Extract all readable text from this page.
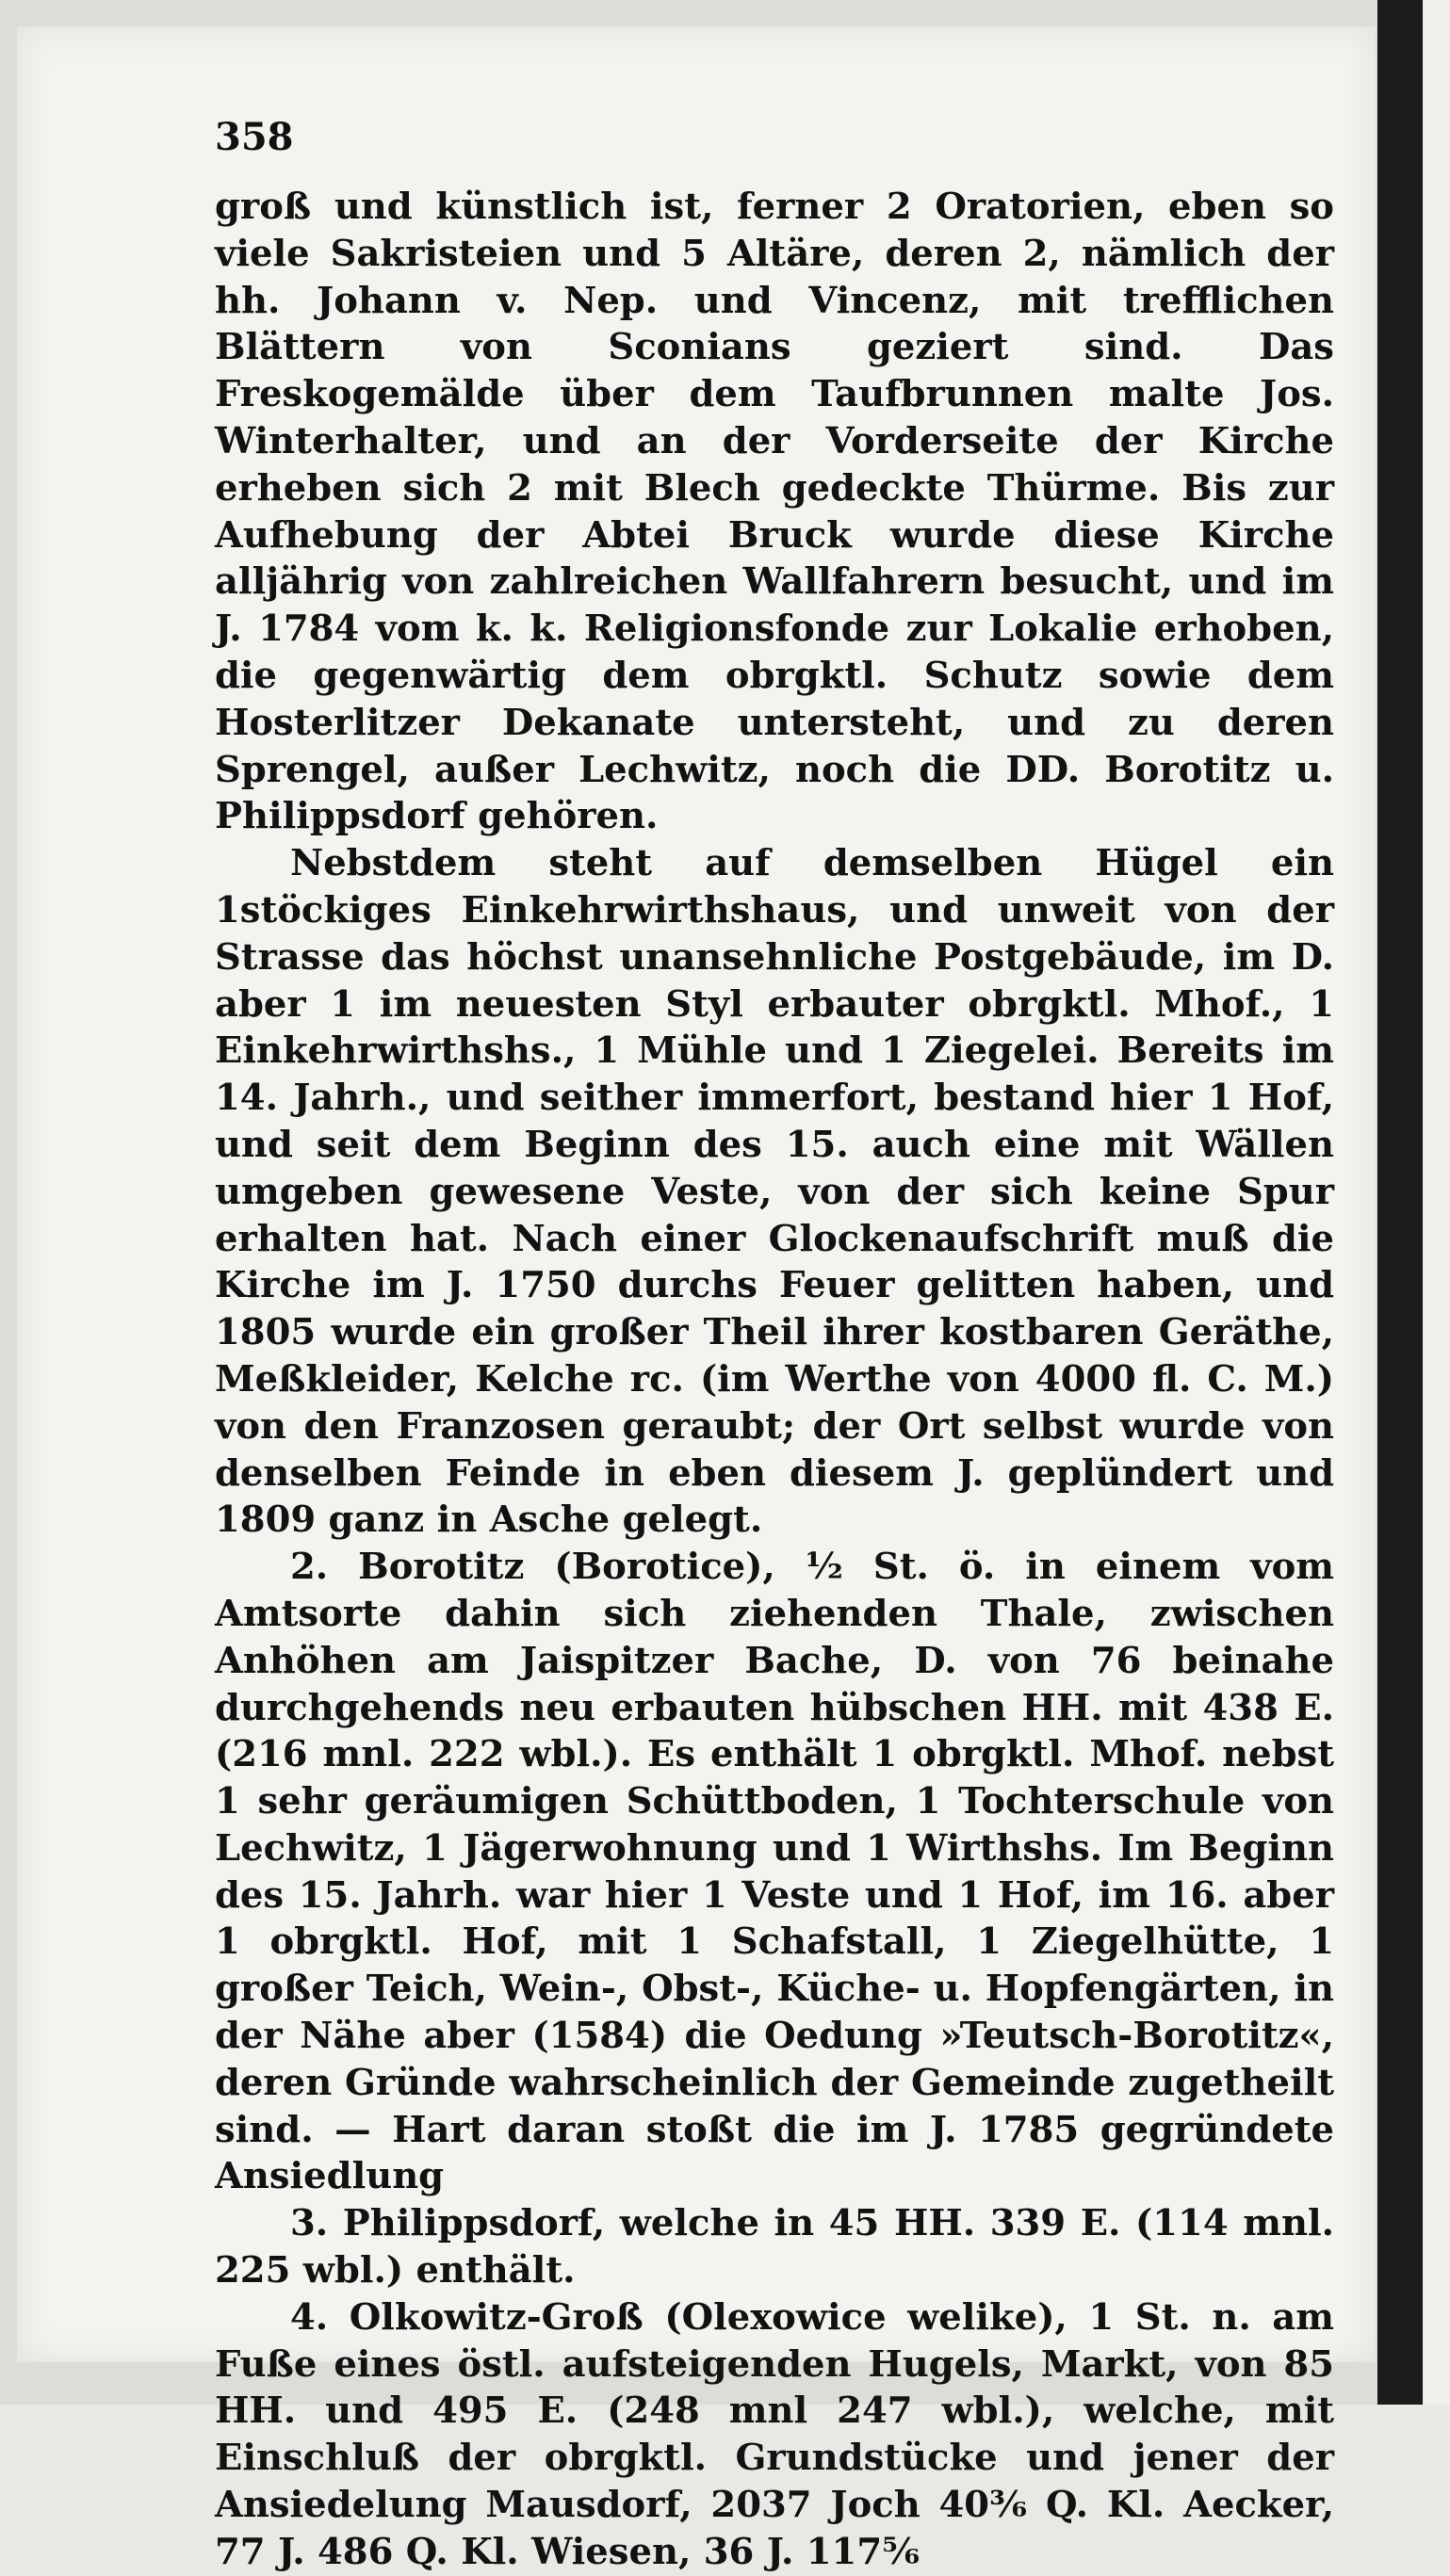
358

groß und künstlich ist, ferner 2 Oratorien, eben so viele Sakristeien und 5 Altäre, deren 2, nämlich der hh. Johann v. Nep. und Vincenz, mit trefflichen Blättern von Sconians geziert sind. Das Freskogemälde über dem Taufbrunnen malte Jos. Winterhalter, und an der Vorderseite der Kirche erheben sich 2 mit Blech gedeckte Thürme. Bis zur Aufhebung der Abtei Bruck wurde diese Kirche alljährig von zahlreichen Wallfahrern besucht, und im J. 1784 vom k. k. Religionsfonde zur Lokalie erhoben, die gegenwärtig dem obrgktl. Schutz sowie dem Hosterlitzer Dekanate untersteht, und zu deren Sprengel, außer Lechwitz, noch die DD. Borotitz u. Philippsdorf gehören.

Nebstdem steht auf demselben Hügel ein 1stöckiges Einkehrwirthshaus, und unweit von der Strasse das höchst unansehnliche Postgebäude, im D. aber 1 im neuesten Styl erbauter obrgktl. Mhof., 1 Einkehrwirthshs., 1 Mühle und 1 Ziegelei. Bereits im 14. Jahrh., und seither immerfort, bestand hier 1 Hof, und seit dem Beginn des 15. auch eine mit Wällen umgeben gewesene Veste, von der sich keine Spur erhalten hat. Nach einer Glockenaufschrift muß die Kirche im J. 1750 durchs Feuer gelitten haben, und 1805 wurde ein großer Theil ihrer kostbaren Geräthe, Meßkleider, Kelche rc. (im Werthe von 4000 fl. C. M.) von den Franzosen geraubt; der Ort selbst wurde von denselben Feinde in eben diesem J. geplündert und 1809 ganz in Asche gelegt.

2. Borotitz (Borotice), ½ St. ö. in einem vom Amtsorte dahin sich ziehenden Thale, zwischen Anhöhen am Jaispitzer Bache, D. von 76 beinahe durchgehends neu erbauten hübschen HH. mit 438 E. (216 mnl. 222 wbl.). Es enthält 1 obrgktl. Mhof. nebst 1 sehr geräumigen Schüttboden, 1 Tochterschule von Lechwitz, 1 Jägerwohnung und 1 Wirthshs. Im Beginn des 15. Jahrh. war hier 1 Veste und 1 Hof, im 16. aber 1 obrgktl. Hof, mit 1 Schafstall, 1 Ziegelhütte, 1 großer Teich, Wein-, Obst-, Küche- u. Hopfengärten, in der Nähe aber (1584) die Oedung »Teutsch-Borotitz«, deren Gründe wahrscheinlich der Gemeinde zugetheilt sind. — Hart daran stoßt die im J. 1785 gegründete Ansiedlung

3. Philippsdorf, welche in 45 HH. 339 E. (114 mnl. 225 wbl.) enthält.

4. Olkowitz-Groß (Olexowice welike), 1 St. n. am Fuße eines östl. aufsteigenden Hugels, Markt, von 85 HH. und 495 E. (248 mnl 247 wbl.), welche, mit Einschluß der obrgktl. Grundstücke und jener der Ansiedelung Mausdorf, 2037 Joch 40³⁄₆ Q. Kl. Aecker, 77 J. 486 Q. Kl. Wiesen, 36 J. 117⁵⁄₆
